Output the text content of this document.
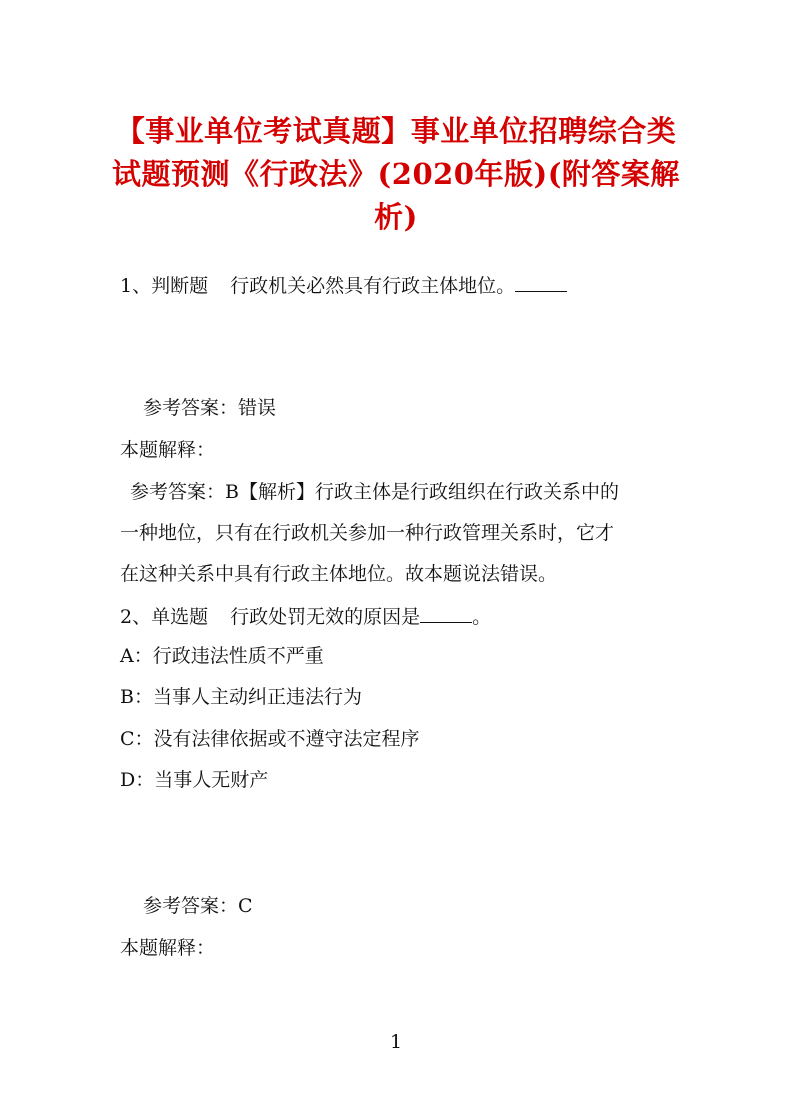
【事业单位考试真题】事业单位招聘综合类试题预测《行政法》(2020年版)(附答案解析)
1、判断题 行政机关必然具有行政主体地位。
参考答案：错误
本题解释：
参考答案：B【解析】行政主体是行政组织在行政关系中的
一种地位，只有在行政机关参加一种行政管理关系时，它才
在这种关系中具有行政主体地位。故本题说法错误。
2、单选题 行政处罚无效的原因是	。
A：行政违法性质不严重
B：当事人主动纠正违法行为
C：没有法律依据或不遵守法定程序
D：当事人无财产
参考答案：C
本题解释：
1
